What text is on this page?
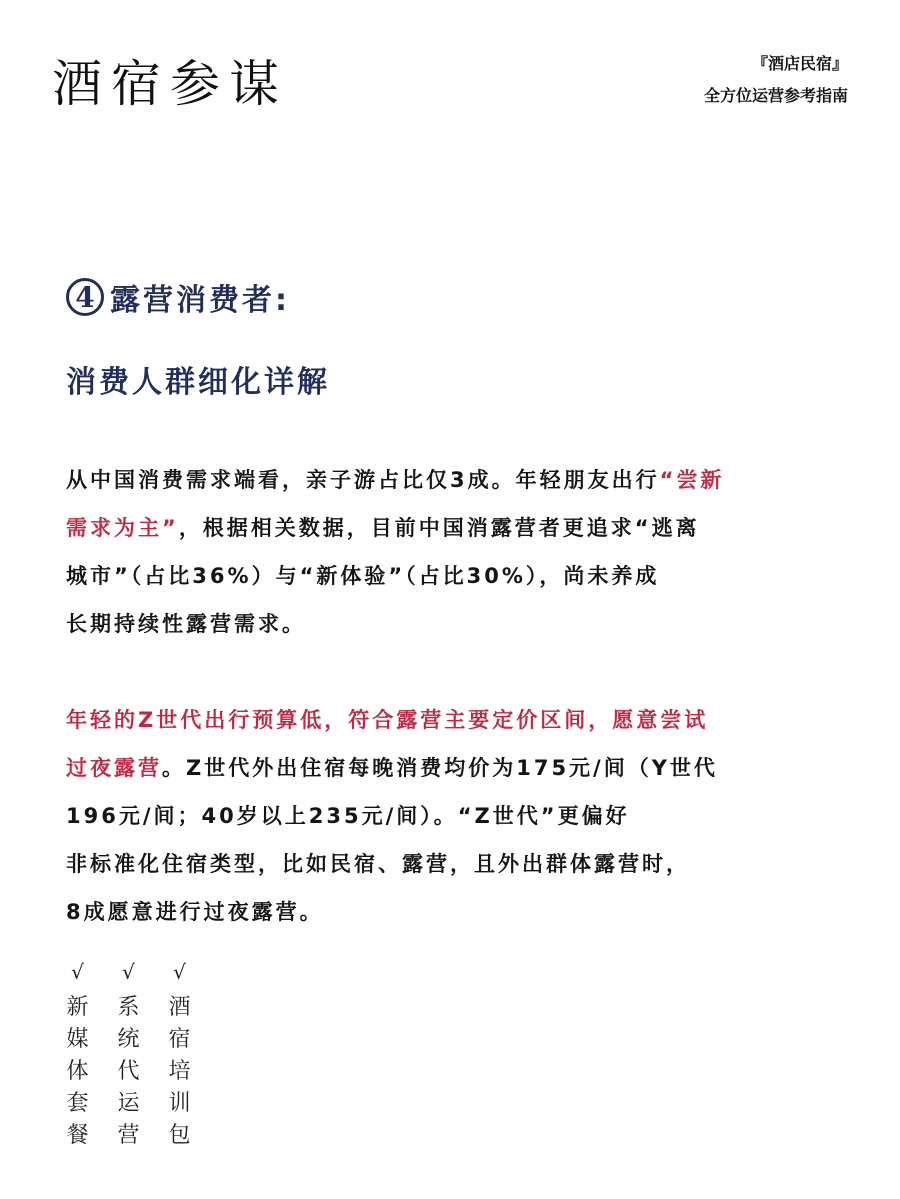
酒宿参谋	『酒店民宿』
全方位运营参考指南
4 露营消费者:
消费人群细化详解
从中国消费需求端看，亲子游占比仅3成。年轻朋友出行“尝新
需求为主”，根据相关数据，目前中国消露营者更追求“逃离
城市”（占比36%）与“新体验”（占比30%），尚未养成
长期持续性露营需求。
年轻的Z世代出行预算低，符合露营主要定价区间，愿意尝试
过夜露营。Z世代外出住宿每晚消费均价为175元/间（Y世代
196元/间；40岁以上235元/间）。“Z世代”更偏好
非标准化住宿类型，比如民宿、露营，且外出群体露营时，
8成愿意进行过夜露营。
√
新
媒
体
套
餐
√
系
统
代
运
营
√
酒
宿
培
训
包
